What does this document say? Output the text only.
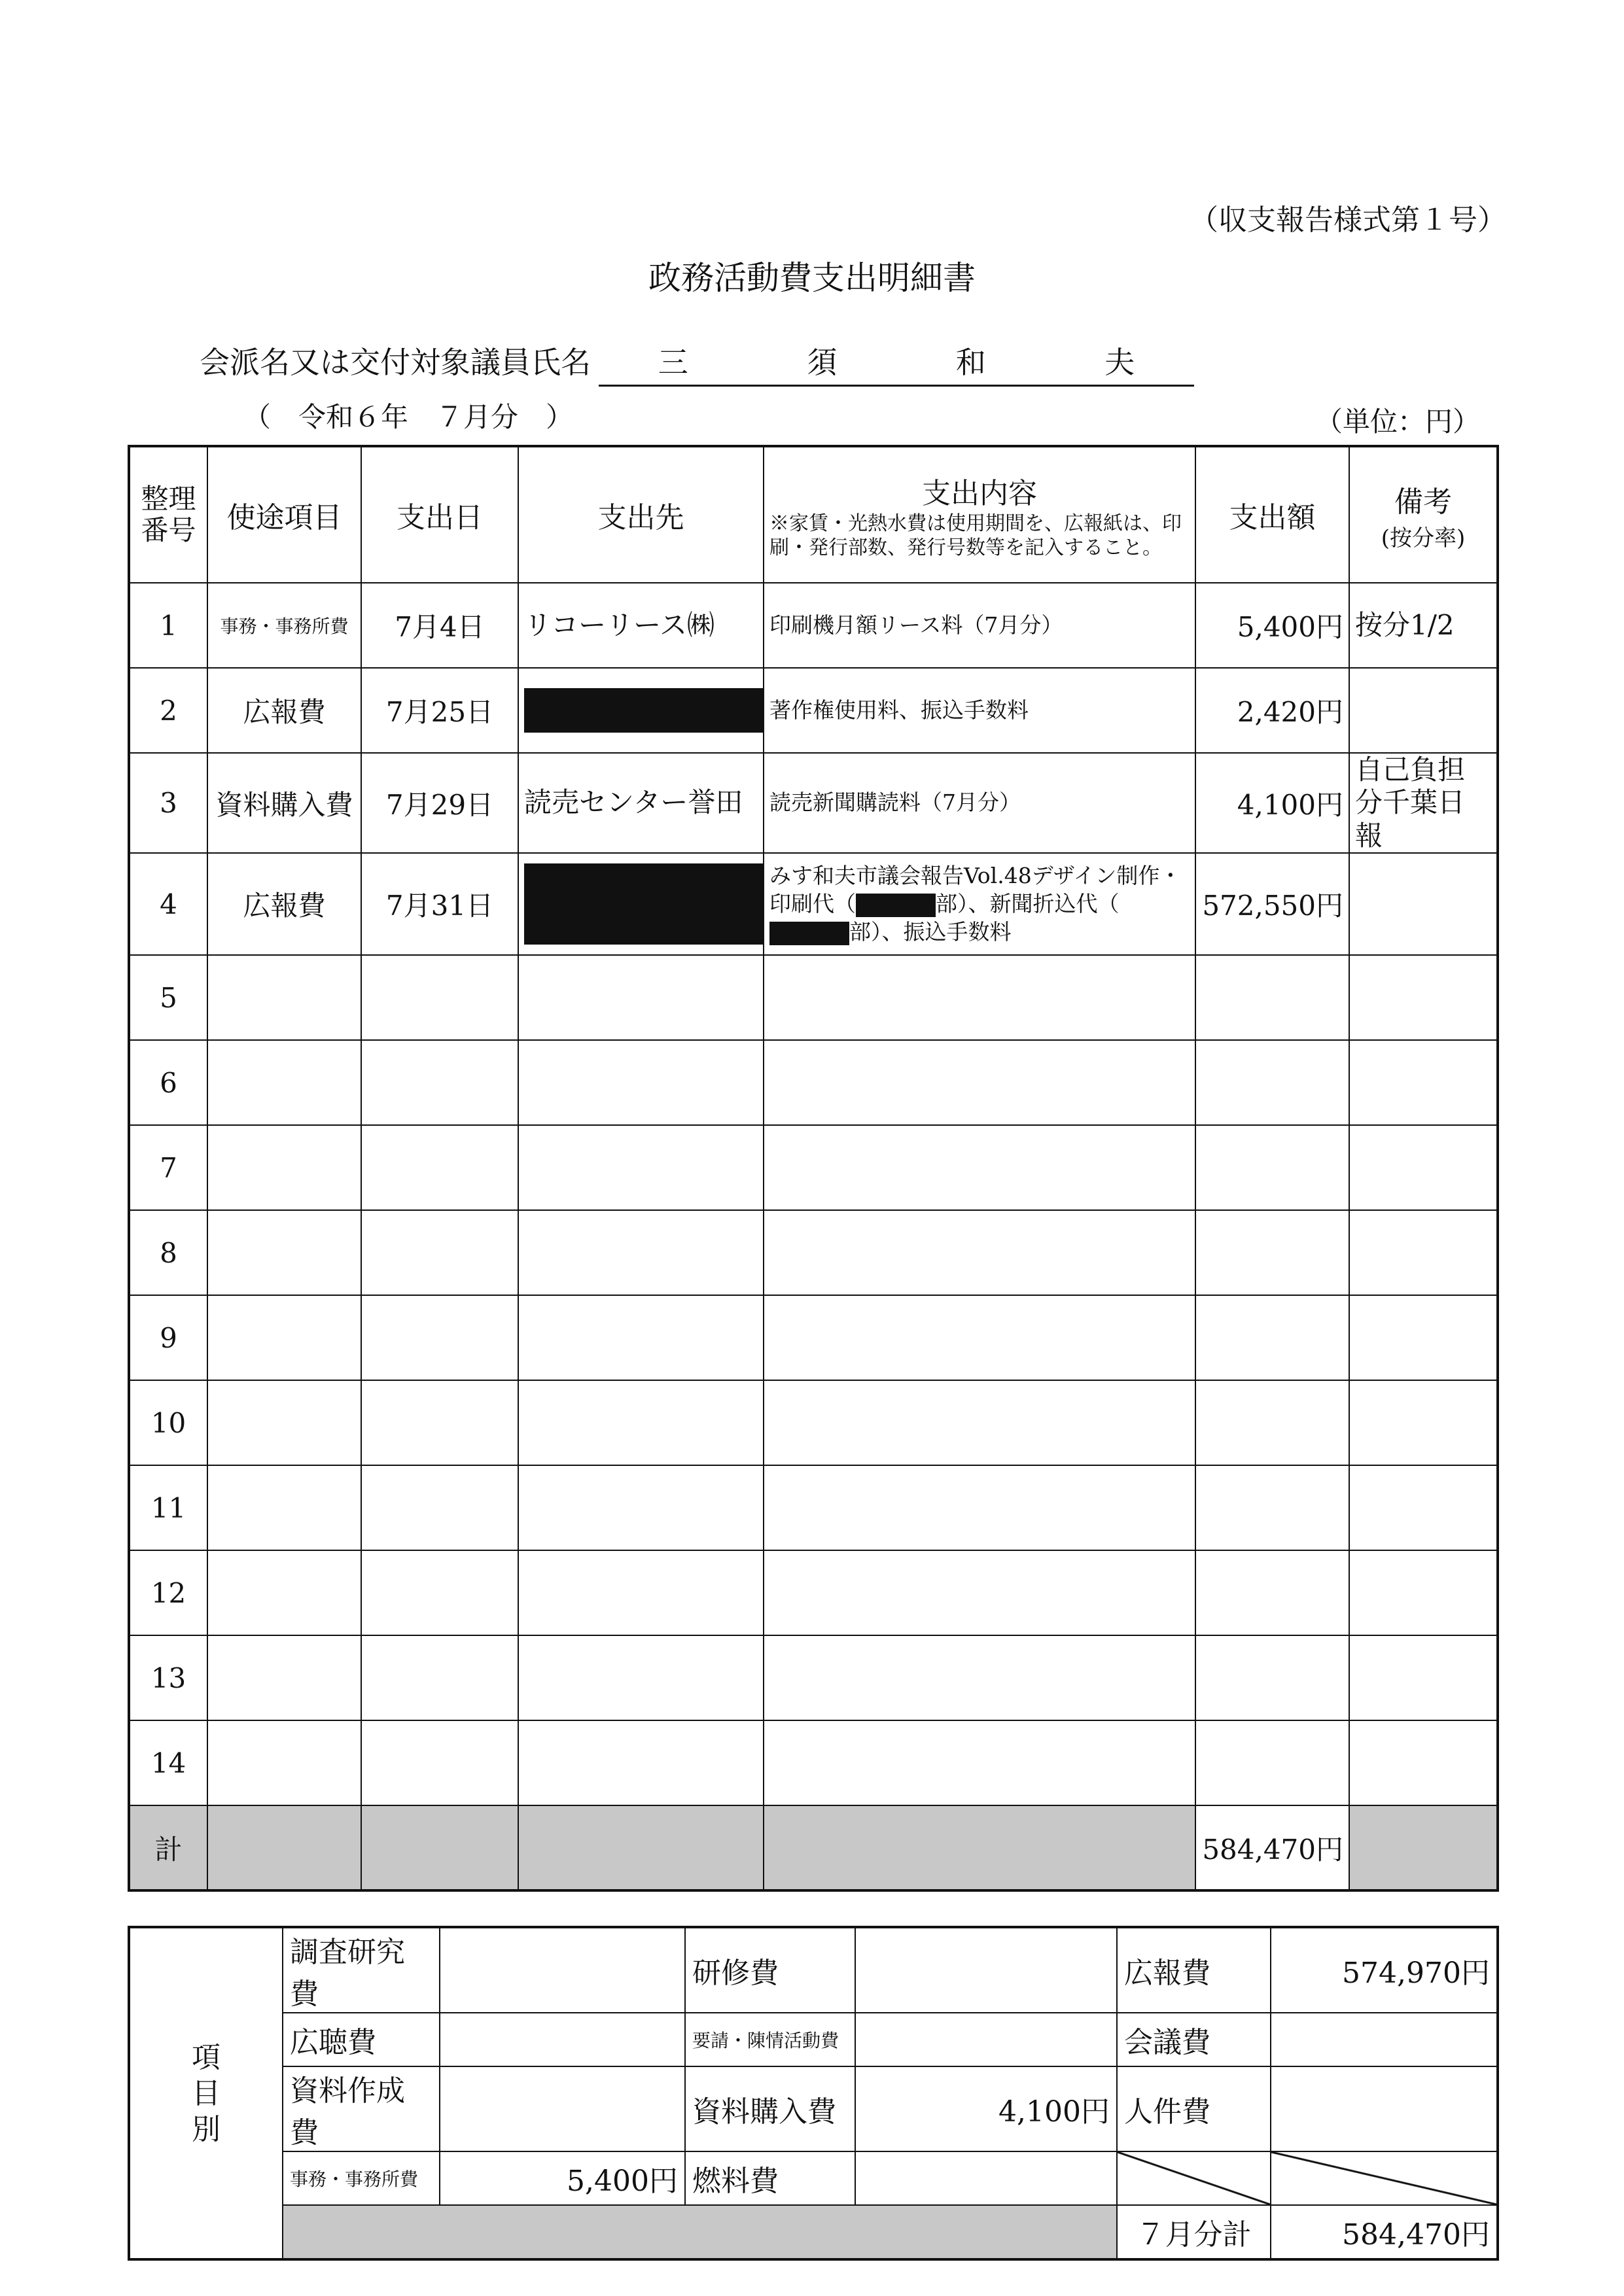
（収支報告様式第１号）
政務活動費支出明細書
会派名又は交付対象議員氏名 三	須	和	夫
（　令和６年　７月分　）	（単位：円）
整理番号	使途項目	支出日	支出先	支出内容
※家賃・光熱水費は使用期間を、広報紙は、印刷・発行部数、発行号数等を記入すること。	支出額	備考
(按分率)

1	事務・事務所費	7月4日	リコーリース㈱	印刷機月額リース料（7月分）	5,400円	按分1/2
2	広報費	7月25日		著作権使用料、振込手数料	2,420円	
3	資料購入費	7月29日	読売センター誉田	読売新聞購読料（7月分）	4,100円	自己負担分千葉日報
4	広報費	7月31日		みす和夫市議会報告Vol.48デザイン制作・印刷代（ 部）、新聞折込代（部）、振込手数料	572,550円	
5						
6						
7						
8						
9						
10						
11						
12						
13						
14						
計					584,470円	
項
目
別	調査研究費		研修費		広報費	574,970円
	広聴費		要請・陳情活動費		会議費	
	資料作成費		資料購入費	4,100円	人件費	
	事務・事務所費	5,400円	燃料費			
					７月分計	584,470円
